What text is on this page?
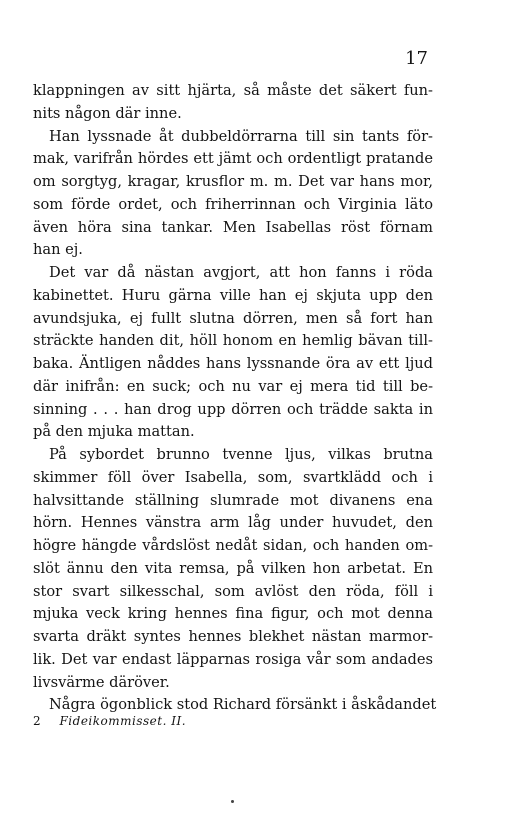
17
klappningen av sitt hjärta, så måste det säkert fun-
nits någon där inne.
Han lyssnade åt dubbeldörrarna till sin tants för-
mak, varifrån hördes ett jämt och ordentligt pratande
om sorgtyg, kragar, krusflor m. m. Det var hans mor,
som förde ordet, och friherrinnan och Virginia läto
även höra sina tankar. Men Isabellas röst förnam
han ej.
Det var då nästan avgjort, att hon fanns i röda
kabinettet. Huru gärna ville han ej skjuta upp den
avundsjuka, ej fullt slutna dörren, men så fort han
sträckte handen dit, höll honom en hemlig bävan till-
baka. Äntligen nåddes hans lyssnande öra av ett ljud
där inifrån: en suck; och nu var ej mera tid till be-
sinning . . . han drog upp dörren och trädde sakta in
på den mjuka mattan.
På sybordet brunno tvenne ljus, vilkas brutna
skimmer föll över Isabella, som, svartklädd och i
halvsittande ställning slumrade mot divanens ena
hörn. Hennes vänstra arm låg under huvudet, den
högre hängde vårdslöst nedåt sidan, och handen om-
slöt ännu den vita remsa, på vilken hon arbetat. En
stor svart silkesschal, som avlöst den röda, föll i
mjuka veck kring hennes fina figur, och mot denna
svarta dräkt syntes hennes blekhet nästan marmor-
lik. Det var endast läpparnas rosiga vår som andades
livsvärme däröver.
Några ögonblick stod Richard försänkt i åskådandet
2 Fideikommisset. II.
